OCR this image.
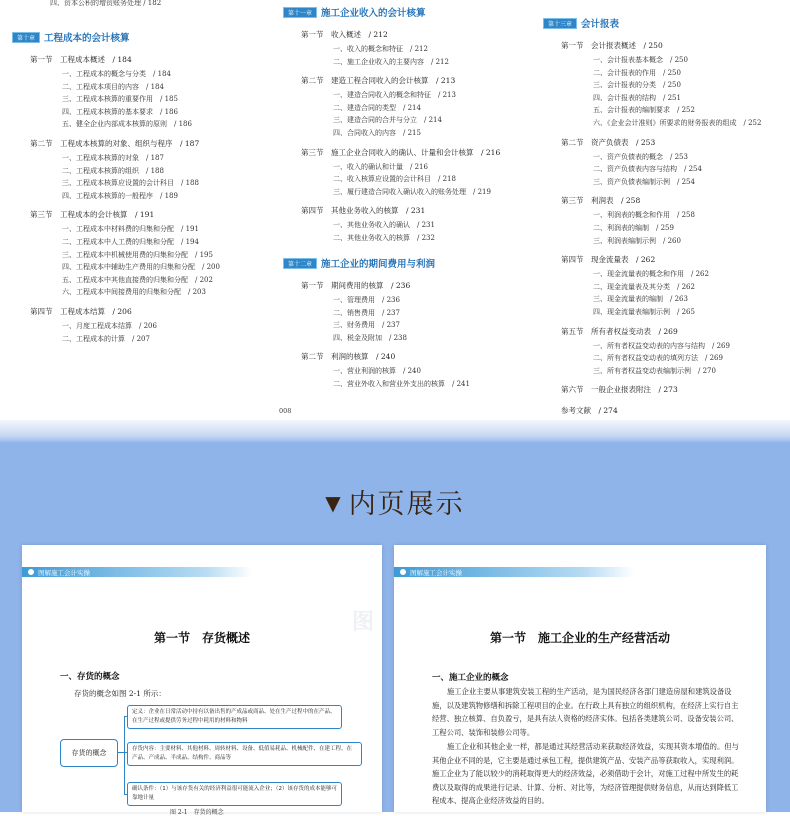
四、资本公积的增资账务处理 / 182
第十章 工程成本的会计核算
第一节　工程成本概述　/ 184
一、工程成本的概念与分类　/ 184
二、工程成本项目的内容　/ 184
三、工程成本核算的重要作用　/ 185
四、工程成本核算的基本要求　/ 186
五、健全企业内部成本核算的原则　/ 186
第二节　工程成本核算的对象、组织与程序　/ 187
一、工程成本核算的对象　/ 187
二、工程成本核算的组织　/ 188
三、工程成本核算应设置的会计科目　/ 188
四、工程成本核算的一般程序　/ 189
第三节　工程成本的会计核算　/ 191
一、工程成本中材料费的归集和分配　/ 191
二、工程成本中人工费的归集和分配　/ 194
三、工程成本中机械使用费的归集和分配　/ 195
四、工程成本中辅助生产费用的归集和分配　/ 200
五、工程成本中其他直接费的归集和分配　/ 202
六、工程成本中间接费用的归集和分配　/ 203
第四节　工程成本结算　/ 206
一、月度工程成本结算　/ 206
二、工程成本的计算　/ 207
第十一章 施工企业收入的会计核算
第一节　收入概述　/ 212
一、收入的概念和特征　/ 212
二、施工企业收入的主要内容　/ 212
第二节　建造工程合同收入的会计核算　/ 213
一、建造合同收入的概念和特征　/ 213
二、建造合同的类型　/ 214
三、建造合同的合并与分立　/ 214
四、合同收入的内容　/ 215
第三节　施工企业合同收入的确认、计量和会计核算　/ 216
一、收入的确认和计量　/ 216
二、收入核算应设置的会计科目　/ 218
三、履行建造合同收入确认收入的账务处理　/ 219
第四节　其他业务收入的核算　/ 231
一、其他业务收入的确认　/ 231
二、其他业务收入的核算　/ 232
第十二章 施工企业的期间费用与利润
第一节　期间费用的核算　/ 236
一、管理费用　/ 236
二、销售费用　/ 237
三、财务费用　/ 237
四、税金及附加　/ 238
第二节　利润的核算　/ 240
一、营业利润的核算　/ 240
二、营业外收入和营业外支出的核算　/ 241
第十三章 会计报表
第一节　会计报表概述　/ 250
一、会计报表基本概念　/ 250
二、会计报表的作用　/ 250
三、会计报表的分类　/ 250
四、会计报表的结构　/ 251
五、会计报表的编制要求　/ 252
六、《企业会计准则》所要求的财务报表的组成　/ 252
第二节　资产负债表　/ 253
一、资产负债表的概念　/ 253
二、资产负债表内容与结构　/ 254
三、资产负债表编制示例　/ 254
第三节　利润表　/ 258
一、利润表的概念和作用　/ 258
二、利润表的编制　/ 259
三、利润表编制示例　/ 260
第四节　现金流量表　/ 262
一、现金流量表的概念和作用　/ 262
二、现金流量表及其分类　/ 262
三、现金流量表的编制　/ 263
四、现金流量表编制示例　/ 265
第五节　所有者权益变动表　/ 269
一、所有者权益变动表的内容与结构　/ 269
二、所有者权益变动表的填列方法　/ 269
三、所有者权益变动表编制示例　/ 270
第六节　一般企业报表附注　/ 273
参考文献　/ 274
008
▼ 内页展示
图解施工会计实操
图
第一节　存货概述
一、存货的概念
存货的概念如图 2-1 所示：
存货的概念
定义：企业在日常活动中持有以备出售的产成品或商品、处在生产过程中的在产品、在生产过程或提供劳务过程中耗用的材料和物料
存货内容：主要材料、其他材料、周转材料、设备、低值易耗品、机械配件、在建工程、在产品、产成品、半成品、结构件、商品等
确认条件：（1）与该存货有关的经济利益很可能流入企业；（2）该存货的成本能够可靠地计量
图 2-1　存货的概念
图解施工会计实操
第一节　施工企业的生产经营活动
一、施工企业的概念
施工企业主要从事建筑安装工程的生产活动，是为国民经济各部门建造房屋和建筑设备设施，以及建筑物修缮和拆除工程项目的企业。在行政上具有独立的组织机构，在经济上实行自主经营、独立核算、自负盈亏，是具有法人资格的经济实体。包括各类建筑公司、设备安装公司、工程公司、装饰和装修公司等。
施工企业和其他企业一样，都是通过其经营活动来获取经济效益，实现其资本增值的。但与其他企业不同的是，它主要是通过承包工程，提供建筑产品、安装产品等获取收入，实现利润。施工企业为了能以较少的消耗取得更大的经济效益，必须借助于会计，对施工过程中所发生的耗费以及取得的成果进行记录、计算、分析、对比等，为经济管理提供财务信息，从而达到降低工程成本、提高企业经济效益的目的。
